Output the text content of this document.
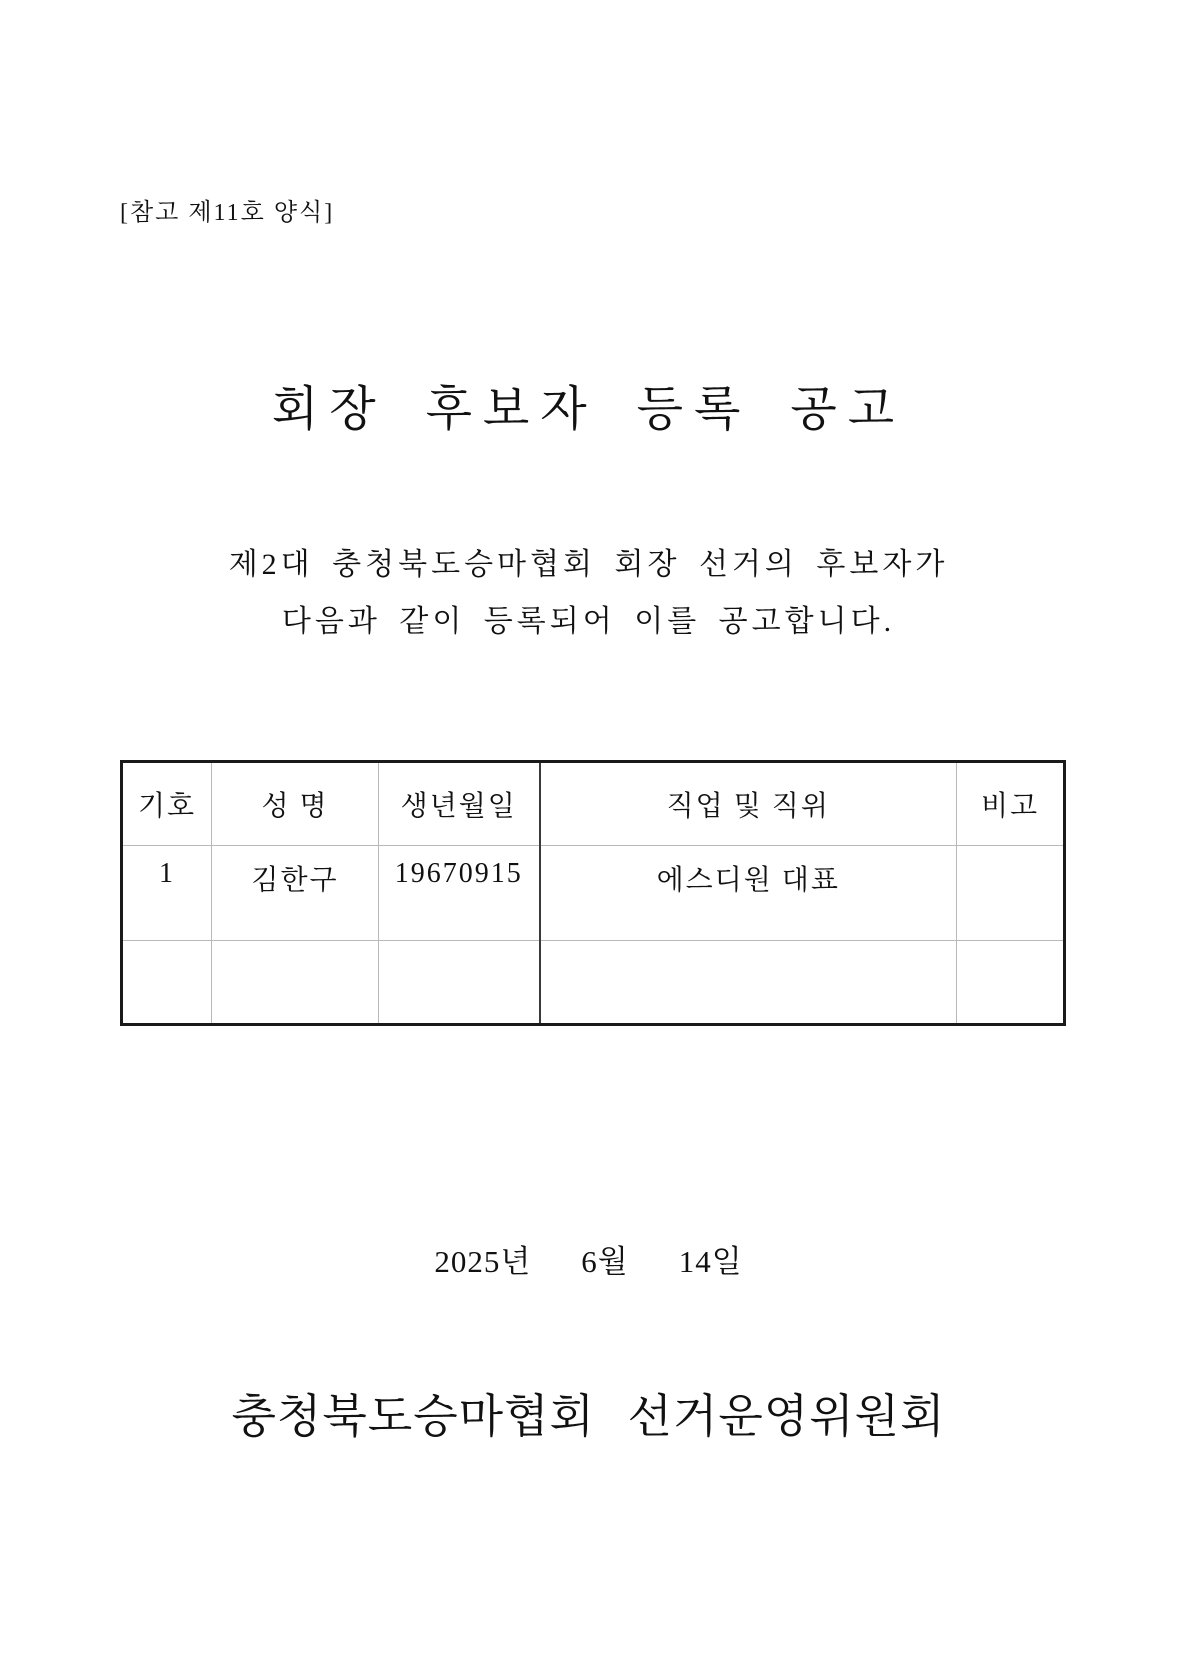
[참고 제11호 양식]
회장 후보자 등록 공고
제2대 충청북도승마협회 회장 선거의 후보자가
다음과 같이 등록되어 이를 공고합니다.
기호	성 명	생년월일	직업 및 직위	비고
1	김한구	19670915	에스디원 대표	

2025년 6월 14일
충청북도승마협회 선거운영위원회
